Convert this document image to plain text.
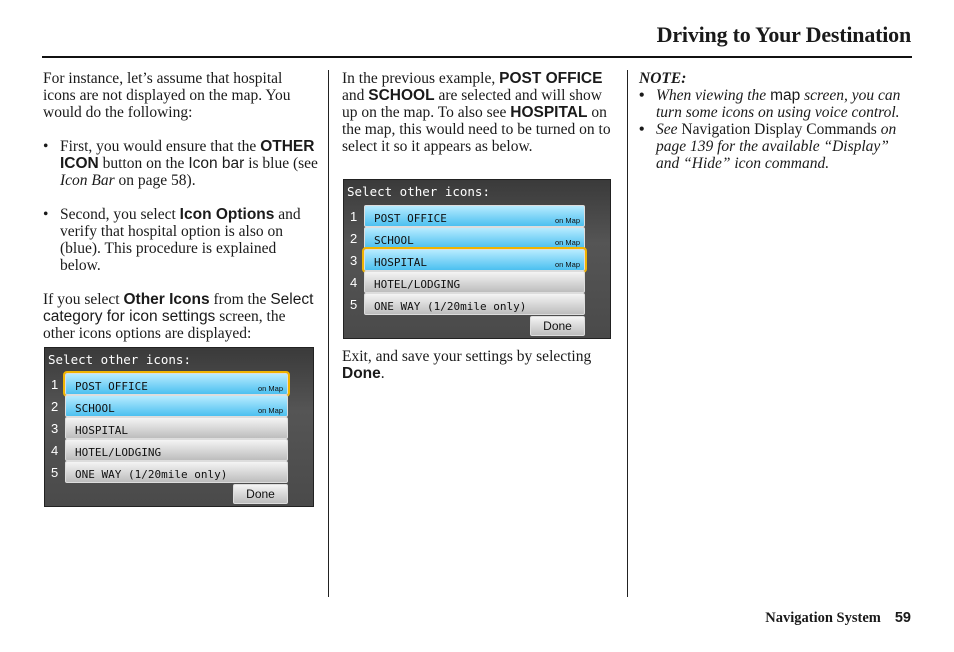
Driving to Your Destination

For instance, let’s assume that hospital icons are not displayed on the map. You would do the following:

• First, you would ensure that the OTHER ICON button on the Icon bar is blue (see Icon Bar on page 58).
• Second, you select Icon Options and verify that hospital option is also on (blue). This procedure is explained below.

If you select Other Icons from the Select category for icon settings screen, the other icons options are displayed:

Select other icons:
1 POST OFFICE	on Map
2 SCHOOL	on Map
3 HOSPITAL
4 HOTEL/LODGING
5 ONE WAY (1/20mile only)
Done

In the previous example, POST OFFICE and SCHOOL are selected and will show up on the map. To also see HOSPITAL on the map, this would need to be turned on to select it so it appears as below.

Select other icons:
1 POST OFFICE	on Map
2 SCHOOL	on Map
3 HOSPITAL	on Map
4 HOTEL/LODGING
5 ONE WAY (1/20mile only)
Done

Exit, and save your settings by selecting Done.

NOTE:
• When viewing the map screen, you can turn some icons on using voice control.
• See Navigation Display Commands on page 139 for the available “Display” and “Hide” icon command.
Navigation System 59
